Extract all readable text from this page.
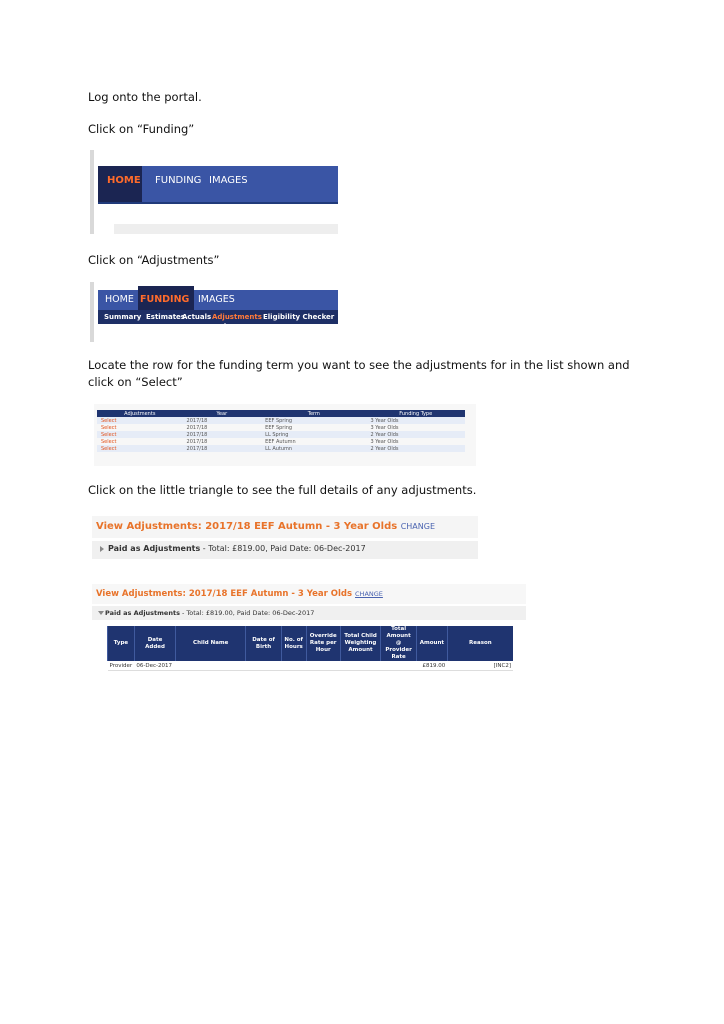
Log onto the portal.
Click on “Funding”
HOME FUNDING IMAGES
Click on “Adjustments”
HOME FUNDING IMAGES
Summary Estimates
Actuals Adjustments Eligibility Checker
Locate the row for the funding term you want to see the adjustments for in the list shown and click on “Select”
Adjustments	Year	Term	Funding Type
Select	2017/18	EEF Spring	3 Year Olds
Select	2017/18	EEF Spring	3 Year Olds
Select	2017/18	LL Spring	2 Year Olds
Select	2017/18	EEF Autumn	3 Year Olds
Select	2017/18	LL Autumn	2 Year Olds
Click on the little triangle to see the full details of any adjustments.
View Adjustments: 2017/18 EEF Autumn - 3 Year Olds CHANGE
Paid as Adjustments - Total: £819.00, Paid Date: 06-Dec-2017
View Adjustments: 2017/18 EEF Autumn - 3 Year Olds CHANGE
Paid as Adjustments - Total: £819.00, Paid Date: 06-Dec-2017
Type	Date Added	Child Name	Date of Birth	No. of Hours	Override Rate per Hour	Total Child Weighting Amount	Total Amount @ Provider Rate	Amount	Reason
Provider	06-Dec-2017							£819.00	[INC2]
